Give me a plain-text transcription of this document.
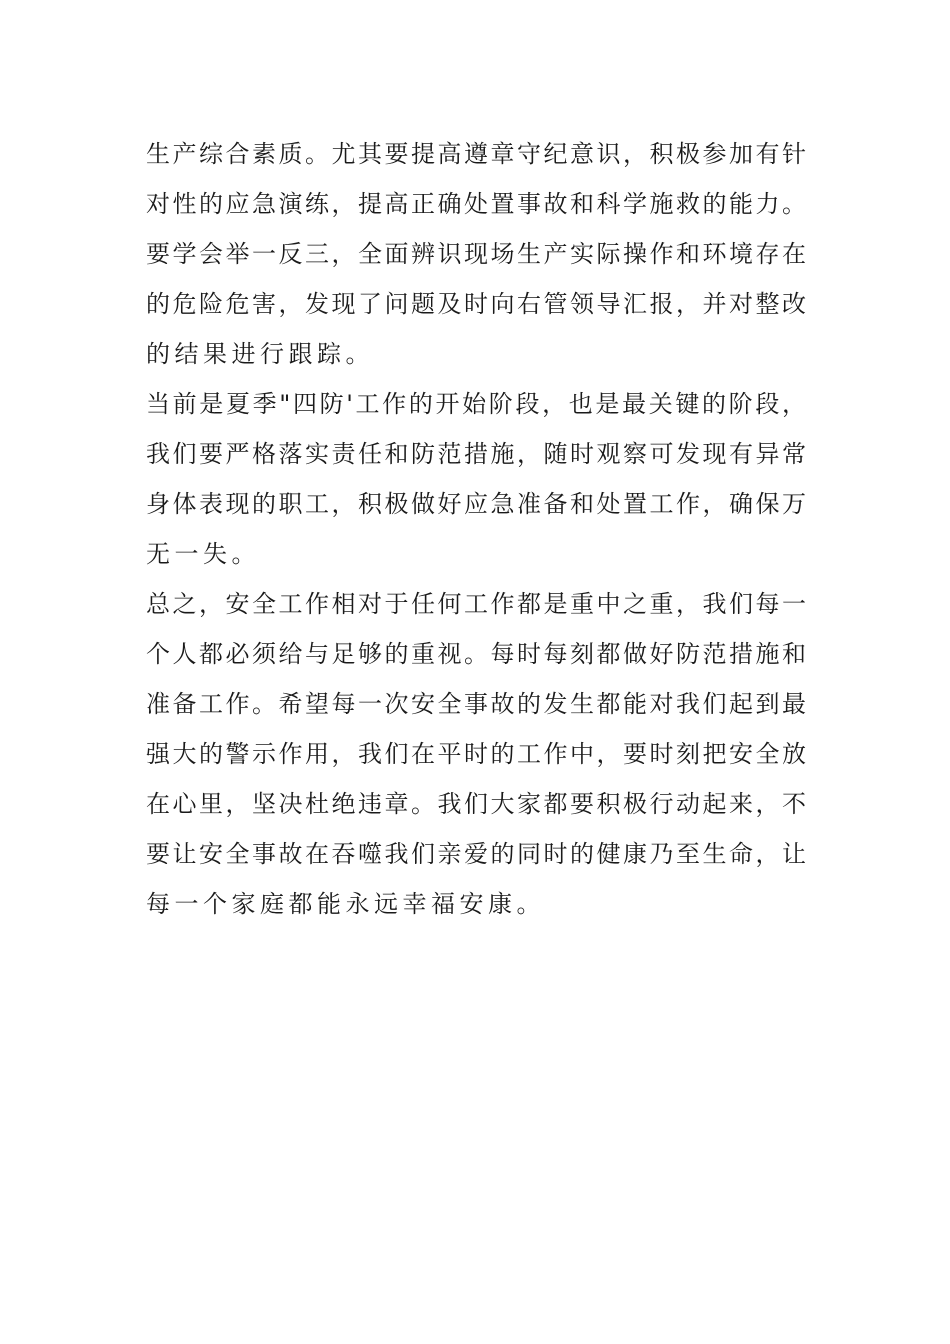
生产综合素质。尤其要提高遵章守纪意识，积极参加有针
对性的应急演练，提高正确处置事故和科学施救的能力。
要学会举一反三，全面辨识现场生产实际操作和环境存在
的危险危害，发现了问题及时向右管领导汇报，并对整改
的结果进行跟踪。
当前是夏季"四防'工作的开始阶段，也是最关键的阶段，
我们要严格落实责任和防范措施，随时观察可发现有异常
身体表现的职工，积极做好应急准备和处置工作，确保万
无一失。
总之，安全工作相对于任何工作都是重中之重，我们每一
个人都必须给与足够的重视。每时每刻都做好防范措施和
准备工作。希望每一次安全事故的发生都能对我们起到最
强大的警示作用，我们在平时的工作中，要时刻把安全放
在心里，坚决杜绝违章。我们大家都要积极行动起来，不
要让安全事故在吞噬我们亲爱的同时的健康乃至生命，让
每一个家庭都能永远幸福安康。
